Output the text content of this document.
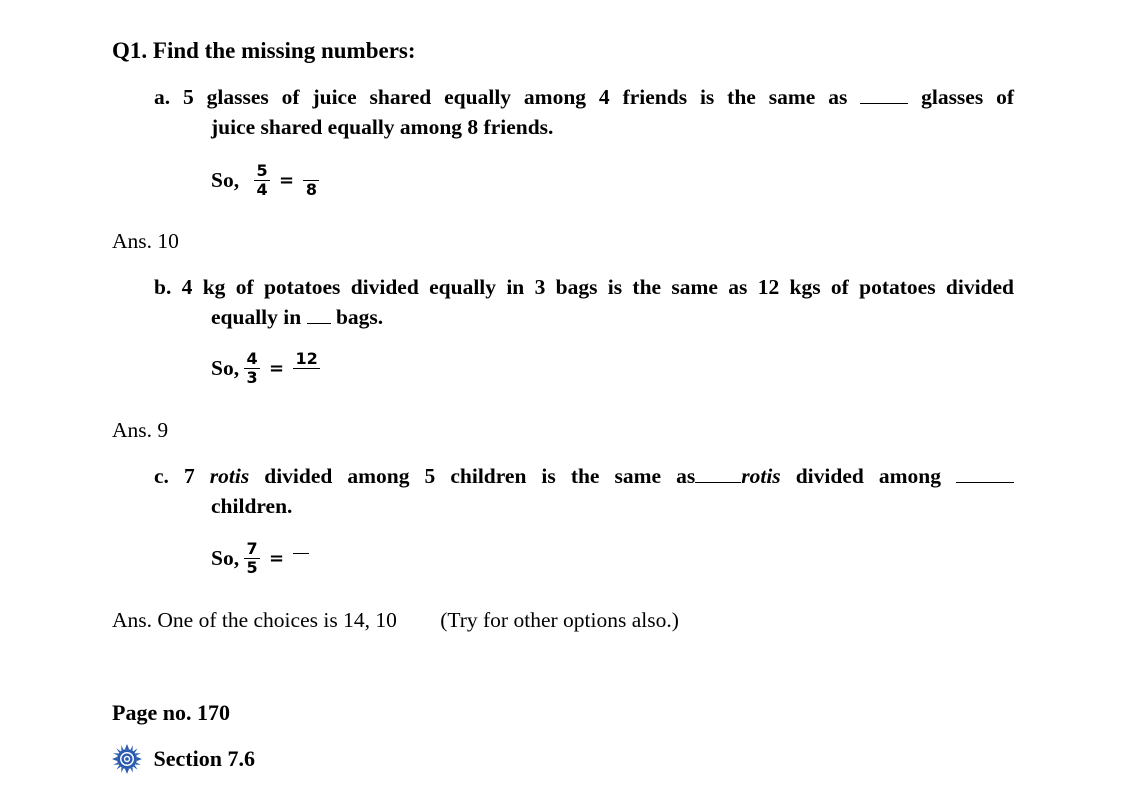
Q1. Find the missing numbers:
a. 5 glasses of juice shared equally among 4 friends is the same as	glasses of
juice shared equally among 8 friends.
So, $\frac{5}{4} = 8$
Ans. 10
b. 4 kg of potatoes divided equally in 3 bags is the same as 12 kgs of potatoes divided
equally in bags.
So, $\frac{4}{3} = 12$
Ans. 9
c. 7 rotis divided among 5 children is the same as rotis divided among
children.
So, $\frac{7}{5}$ =
Ans. One of the choices is 14, 10 (Try for other options also.)
Page no. 170
Section 7.6
